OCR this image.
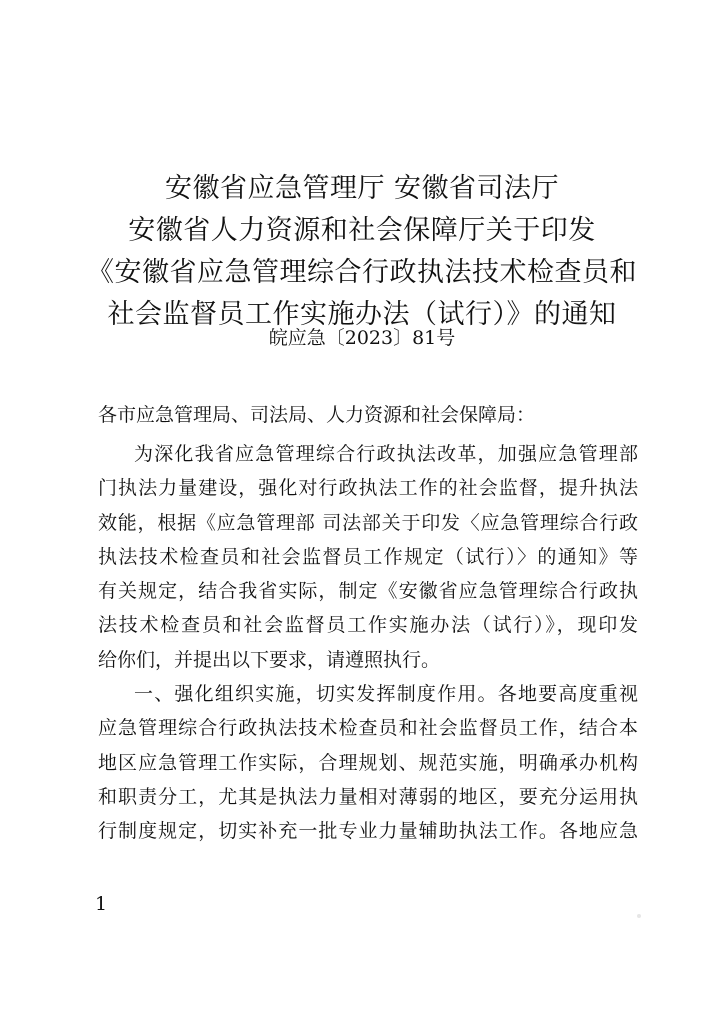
安徽省应急管理厅 安徽省司法厅
安徽省人力资源和社会保障厅关于印发
《安徽省应急管理综合行政执法技术检查员和
社会监督员工作实施办法（试行）》的通知
皖应急〔2023〕81号
各市应急管理局、司法局、人力资源和社会保障局：
为深化我省应急管理综合行政执法改革，加强应急管理部
门执法力量建设，强化对行政执法工作的社会监督，提升执法
效能，根据《应急管理部 司法部关于印发〈应急管理综合行政
执法技术检查员和社会监督员工作规定（试行）〉的通知》等
有关规定，结合我省实际，制定《安徽省应急管理综合行政执
法技术检查员和社会监督员工作实施办法（试行）》，现印发
给你们，并提出以下要求，请遵照执行。
一、强化组织实施，切实发挥制度作用。各地要高度重视
应急管理综合行政执法技术检查员和社会监督员工作，结合本
地区应急管理工作实际，合理规划、规范实施，明确承办机构
和职责分工，尤其是执法力量相对薄弱的地区，要充分运用执
行制度规定，切实补充一批专业力量辅助执法工作。各地应急
1
